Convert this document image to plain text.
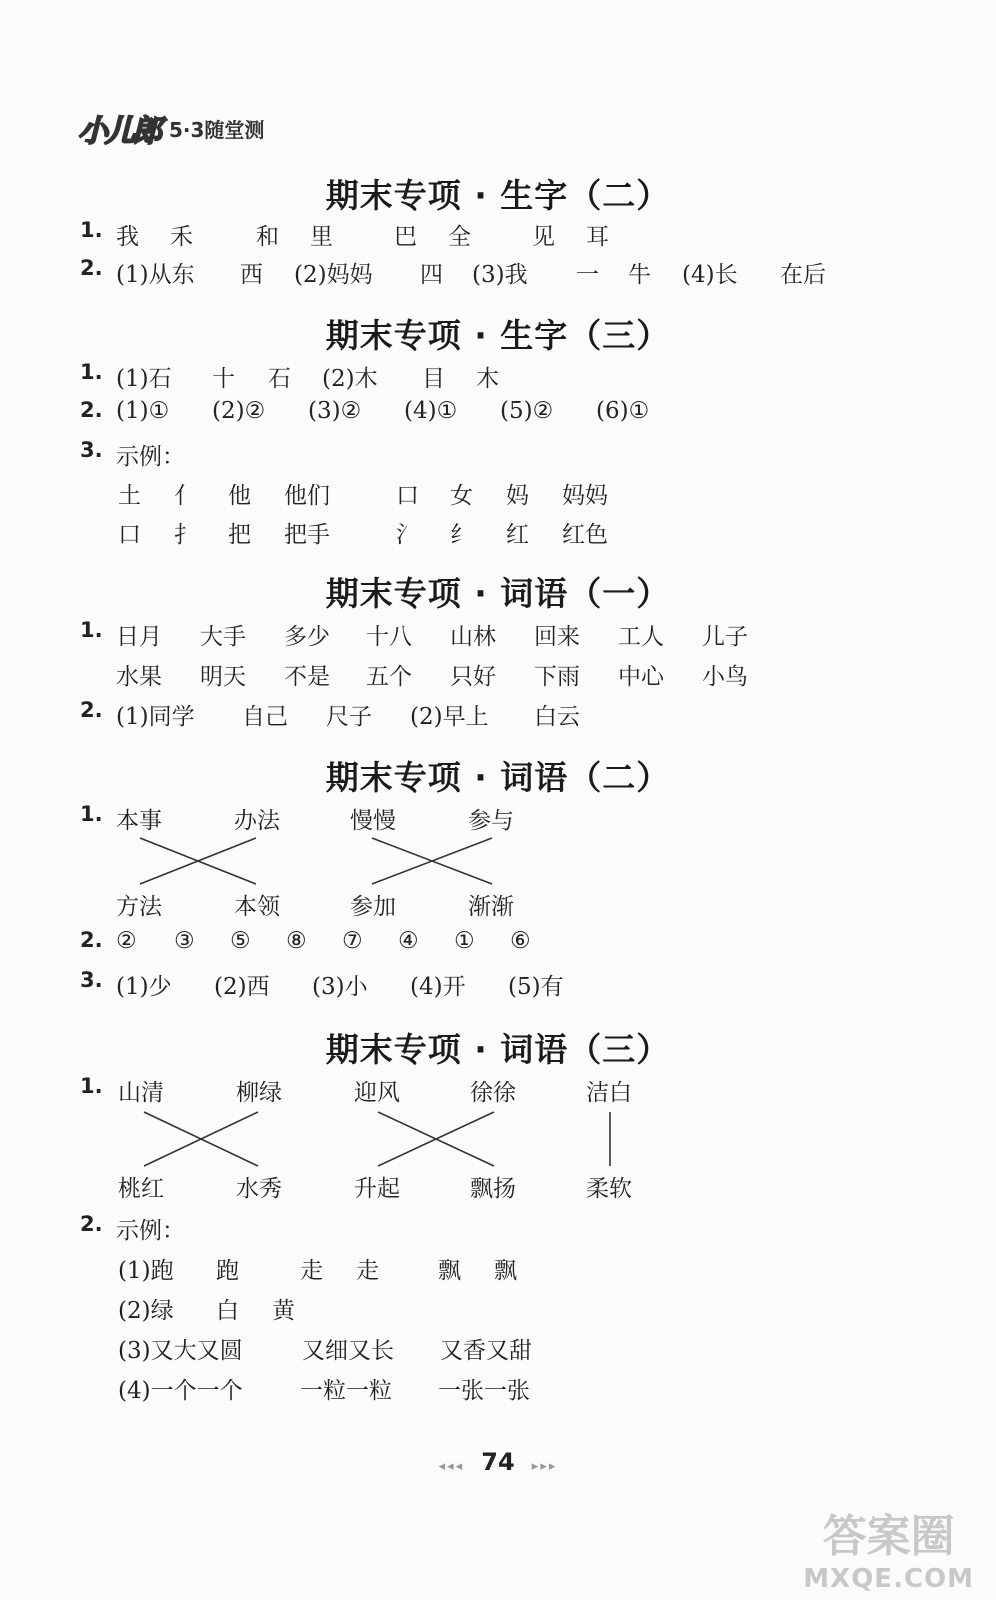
小儿郎 5·3随堂测
期末专项 · 生字（二）
1. 我 禾	和 里	巴 全	见 耳
2. (1)从东 西 (2)妈妈 四 (3)我 一 牛 (4)长 在后
期末专项 · 生字（三）
1. (1)石 十 石 (2)木 目 木
2. (1)① (2)② (3)② (4)① (5)② (6)①
3. 示例：
土 亻 他 他们	口 女 妈 妈妈
口 扌 把 把手	氵 纟 红 红色
期末专项 · 词语（一）
1. 日月 大手 多少 十八 山林 回来 工人 儿子
水果 明天 不是 五个 只好 下雨 中心 小鸟
2. (1)同学 自己 尺子 (2)早上 白云
期末专项 · 词语（二）
1. 本事	办法	慢慢	参与
方法	本领	参加	渐渐
2. ② ③ ⑤ ⑧ ⑦ ④ ① ⑥
3. (1)少 (2)西 (3)小 (4)开 (5)有
期末专项 · 词语（三）
1. 山清	柳绿	迎风	徐徐	洁白
桃红	水秀	升起	飘扬	柔软
2. 示例：
(1)跑 跑	走 走	飘 飘
(2)绿 白 黄
(3)又大又圆	又细又长 又香又甜
(4)一个一个 一粒一粒 一张一张
◂◂◂ 74 ▸▸▸
答案圈
MXQE.COM
